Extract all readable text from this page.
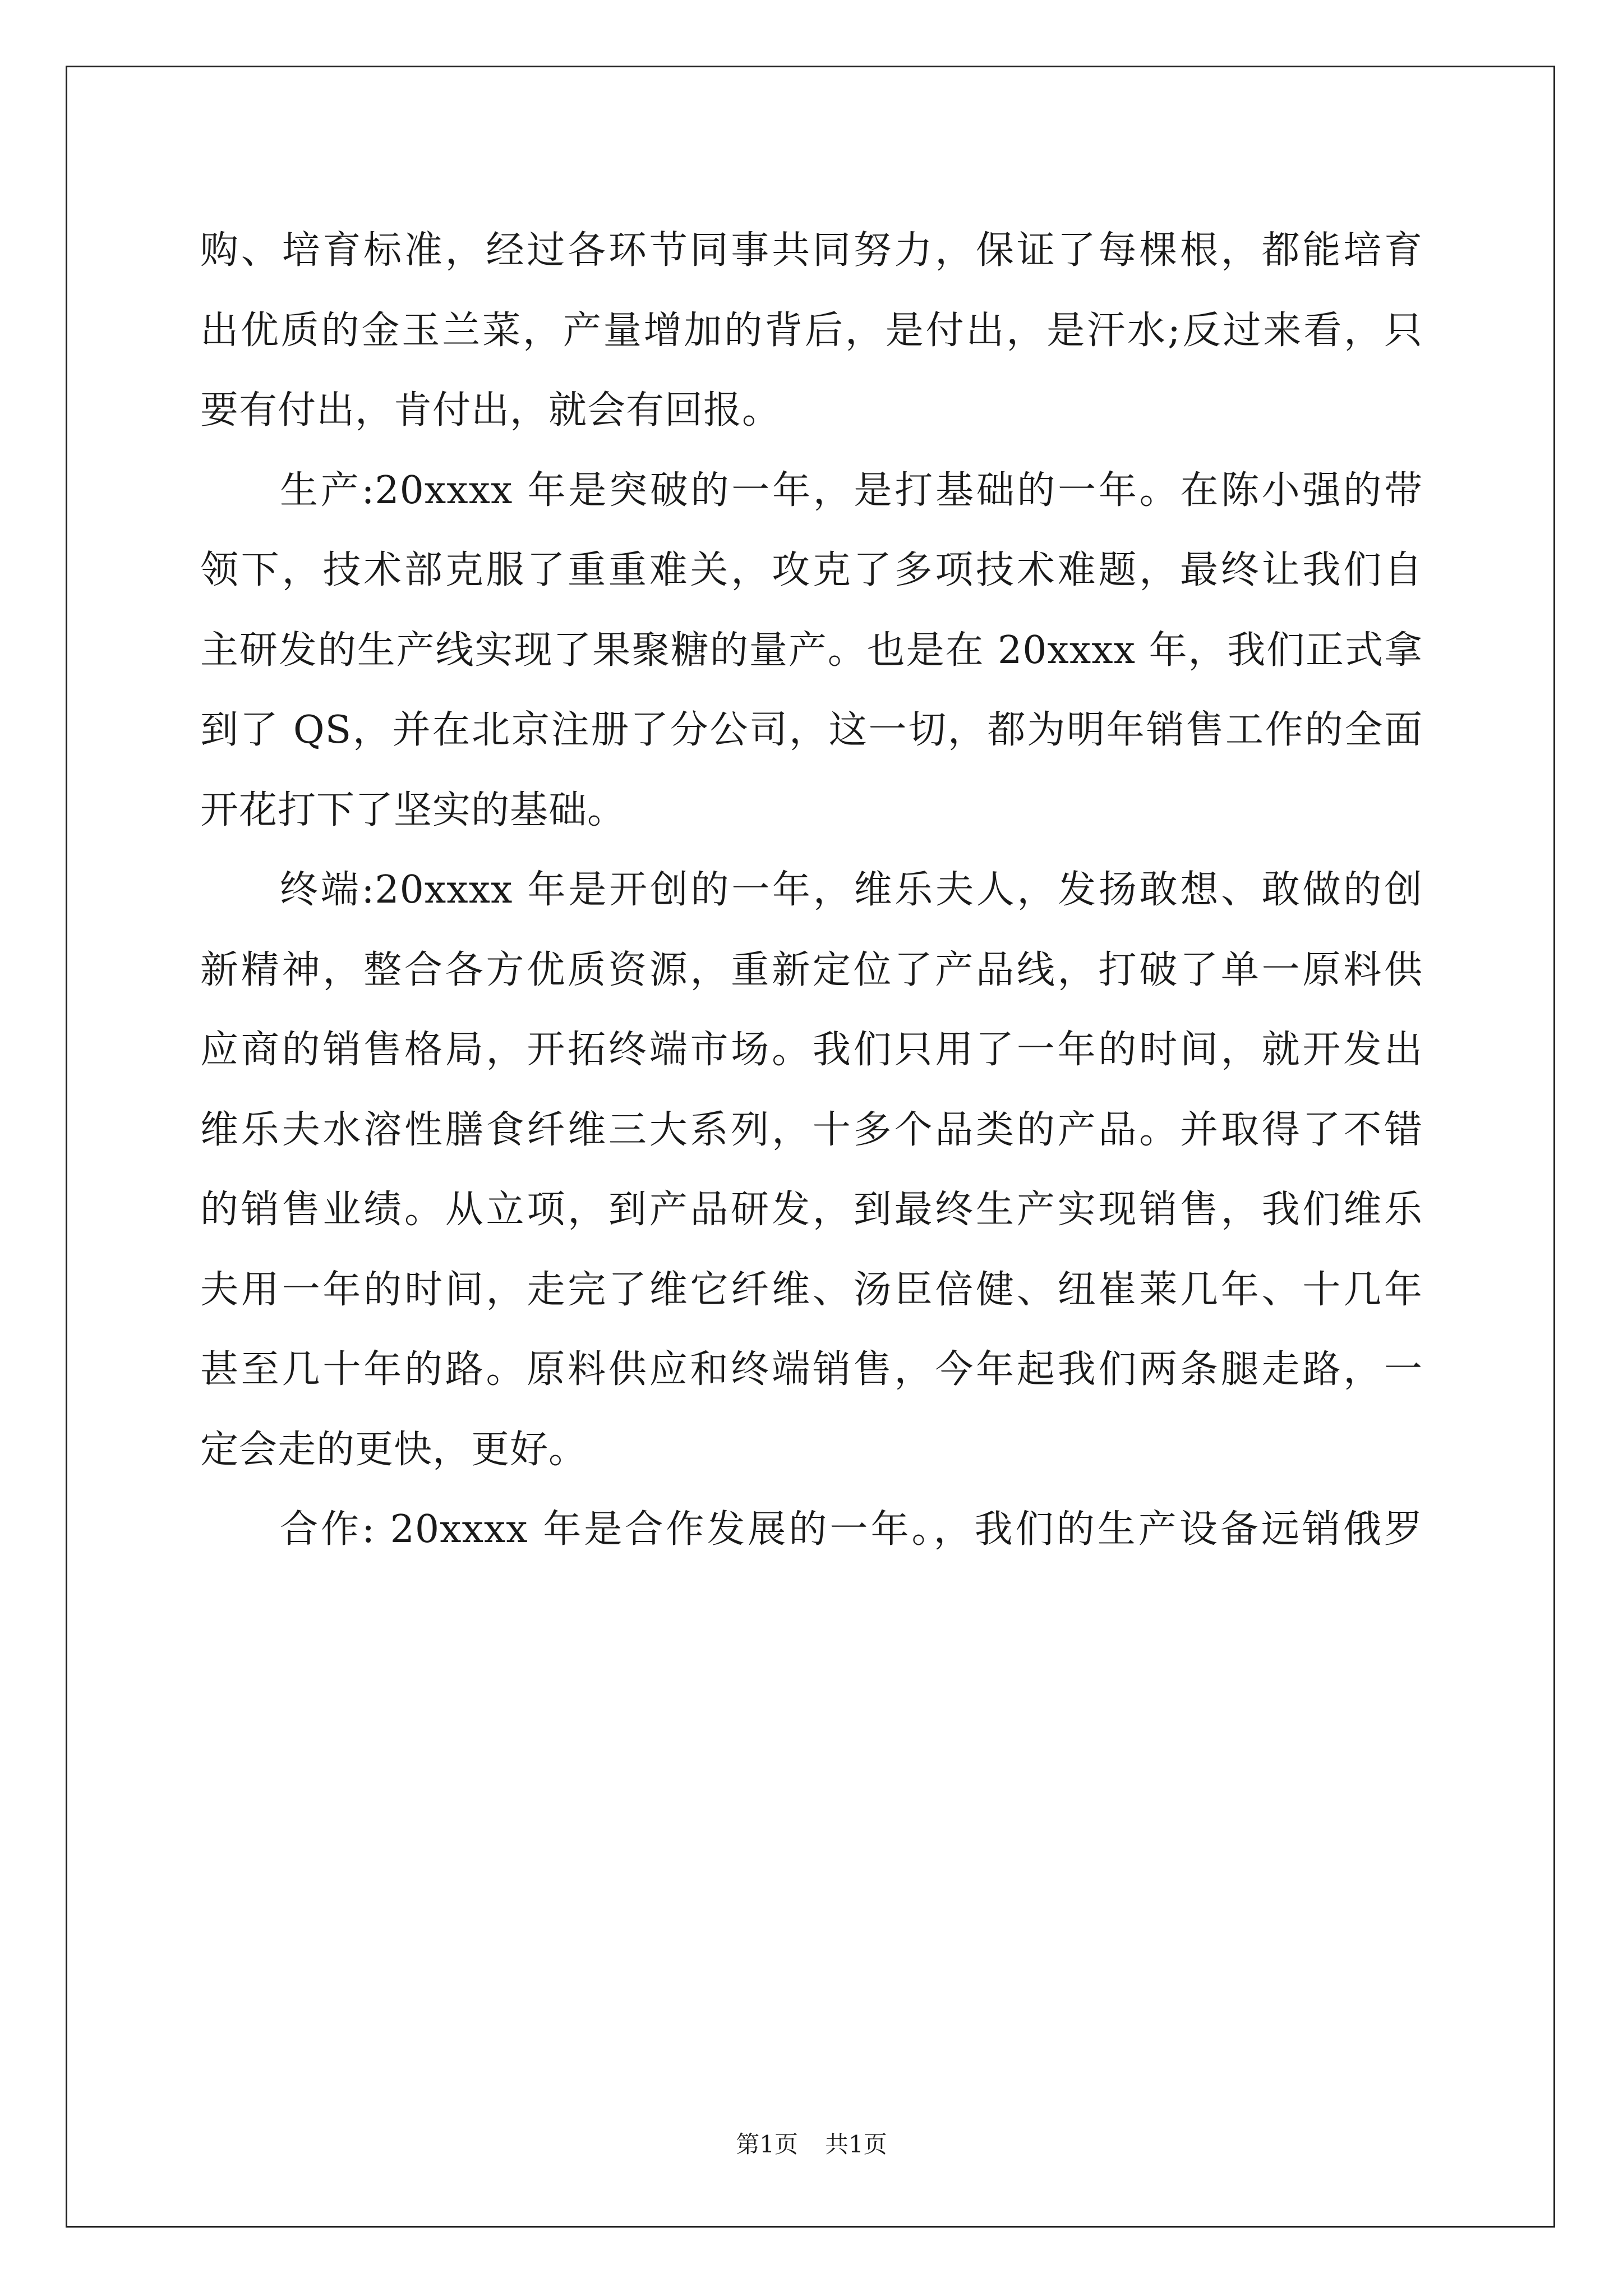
购、培育标准，经过各环节同事共同努力，保证了每棵根，都能培育
出优质的金玉兰菜，产量增加的背后，是付出，是汗水;反过来看，只
要有付出，肯付出，就会有回报。
生产:20xxxx 年是突破的一年，是打基础的一年。在陈小强的带
领下，技术部克服了重重难关，攻克了多项技术难题，最终让我们自
主研发的生产线实现了果聚糖的量产。也是在 20xxxx 年，我们正式拿
到了 QS，并在北京注册了分公司，这一切，都为明年销售工作的全面
开花打下了坚实的基础。
终端:20xxxx 年是开创的一年，维乐夫人，发扬敢想、敢做的创
新精神，整合各方优质资源，重新定位了产品线，打破了单一原料供
应商的销售格局，开拓终端市场。我们只用了一年的时间，就开发出
维乐夫水溶性膳食纤维三大系列，十多个品类的产品。并取得了不错
的销售业绩。从立项，到产品研发，到最终生产实现销售，我们维乐
夫用一年的时间，走完了维它纤维、汤臣倍健、纽崔莱几年、十几年
甚至几十年的路。原料供应和终端销售，今年起我们两条腿走路，一
定会走的更快，更好。
合作: 20xxxx 年是合作发展的一年。，我们的生产设备远销俄罗
第1页 共1页
